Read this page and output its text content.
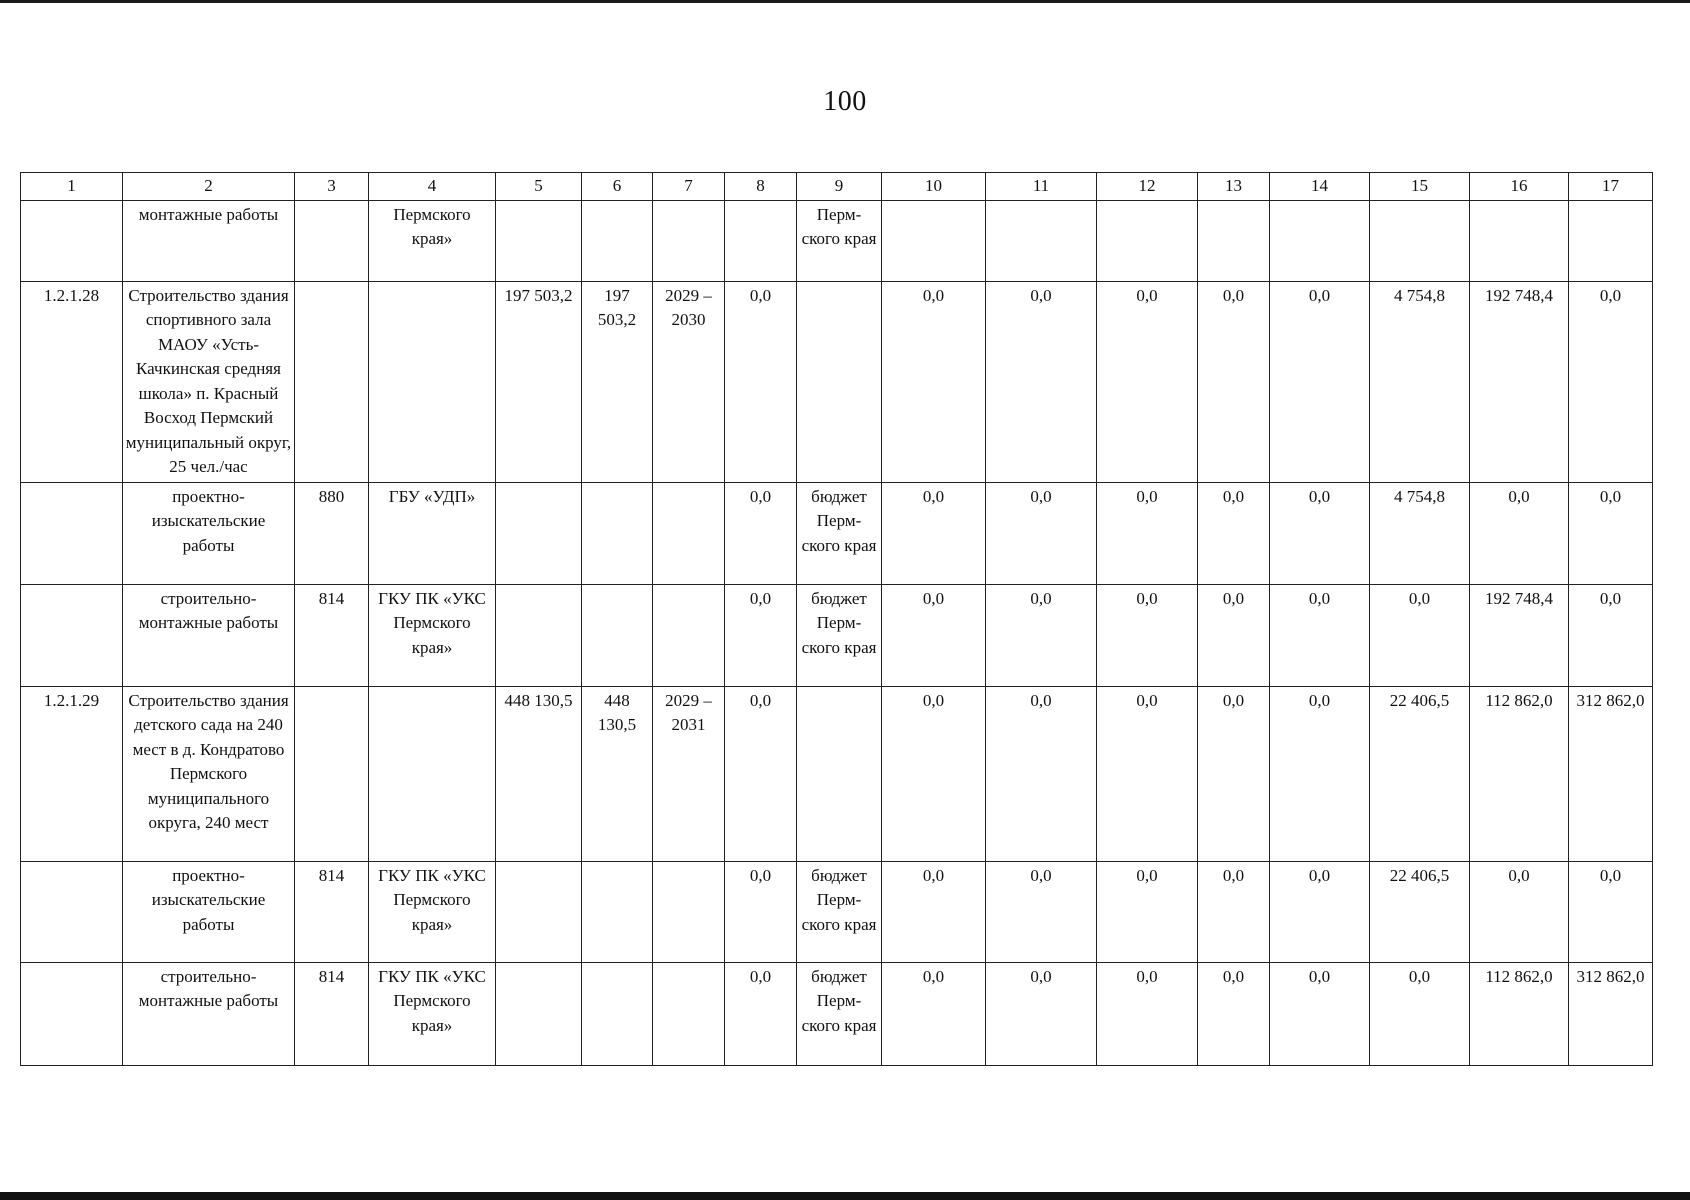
100
1	2	3	4	5	6	7	8	9	10	11	12	13	14	15	16	17
	монтажные работы		Пермского края»					Перм-ского края								
1.2.1.28	Строительство здания спортивного зала МАОУ «Усть-Качкинская средняя школа» п. Красный Восход Пермский муниципальный округ, 25 чел./час			197 503,2	197 503,2	2029 – 2030	0,0		0,0	0,0	0,0	0,0	0,0	4 754,8	192 748,4	0,0
	проектно-изыскательские работы	880	ГБУ «УДП»				0,0	бюджет Перм-ского края	0,0	0,0	0,0	0,0	0,0	4 754,8	0,0	0,0
	строительно-монтажные работы	814	ГКУ ПК «УКС Пермского края»				0,0	бюджет Перм-ского края	0,0	0,0	0,0	0,0	0,0	0,0	192 748,4	0,0
1.2.1.29	Строительство здания детского сада на 240 мест в д. Кондратово Пермского муниципального округа, 240 мест			448 130,5	448 130,5	2029 – 2031	0,0		0,0	0,0	0,0	0,0	0,0	22 406,5	112 862,0	312 862,0
	проектно-изыскательские работы	814	ГКУ ПК «УКС Пермского края»				0,0	бюджет Перм-ского края	0,0	0,0	0,0	0,0	0,0	22 406,5	0,0	0,0
	строительно-монтажные работы	814	ГКУ ПК «УКС Пермского края»				0,0	бюджет Перм-ского края	0,0	0,0	0,0	0,0	0,0	0,0	112 862,0	312 862,0
